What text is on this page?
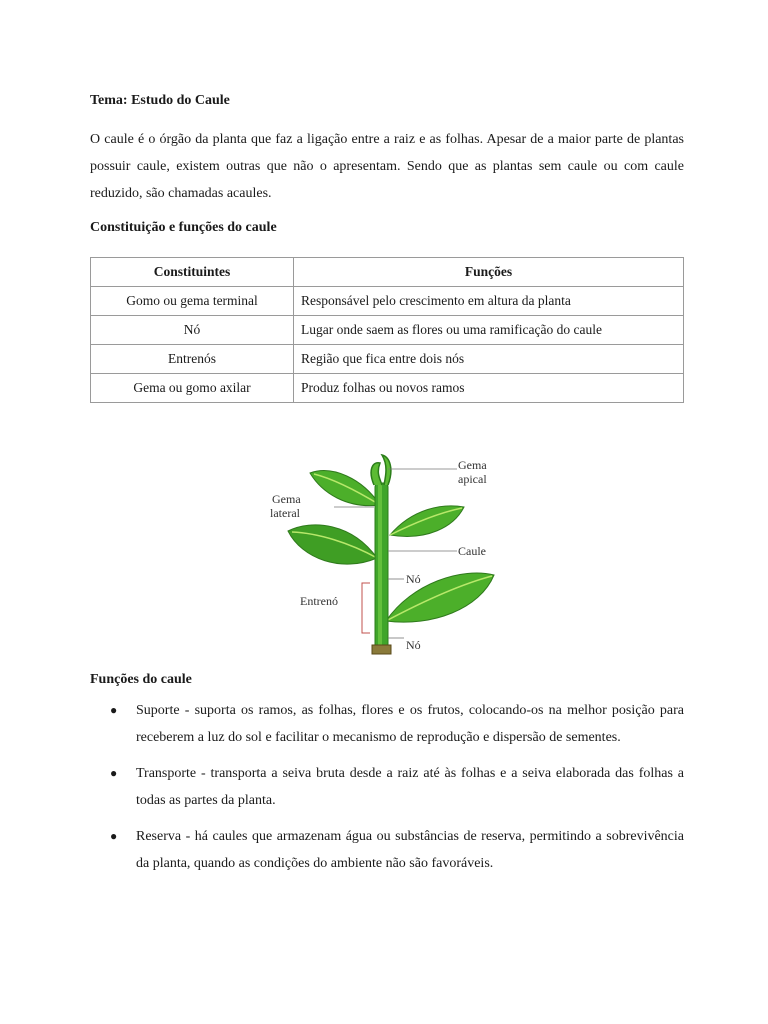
Tema: Estudo do Caule
O caule é o órgão da planta que faz a ligação entre a raiz e as folhas. Apesar de a maior parte de plantas possuir caule, existem outras que não o apresentam. Sendo que as plantas sem caule ou com caule reduzido, são chamadas acaules.
Constituição e funções do caule
Constituintes	Funções
Gomo ou gema terminal	Responsável pelo crescimento em altura da planta
Nó	Lugar onde saem as flores ou uma ramificação do caule
Entrenós	Região que fica entre dois nós
Gema ou gomo axilar	Produz folhas ou novos ramos
Gema
apical
Gema
lateral
Caule
Nó
Entrenó
Nó
Funções do caule
● Suporte - suporta os ramos, as folhas, flores e os frutos, colocando-os na melhor posição para receberem a luz do sol e facilitar o mecanismo de reprodução e dispersão de sementes.
● Transporte - transporta a seiva bruta desde a raiz até às folhas e a seiva elaborada das folhas a todas as partes da planta.
● Reserva - há caules que armazenam água ou substâncias de reserva, permitindo a sobrevivência da planta, quando as condições do ambiente não são favoráveis.
